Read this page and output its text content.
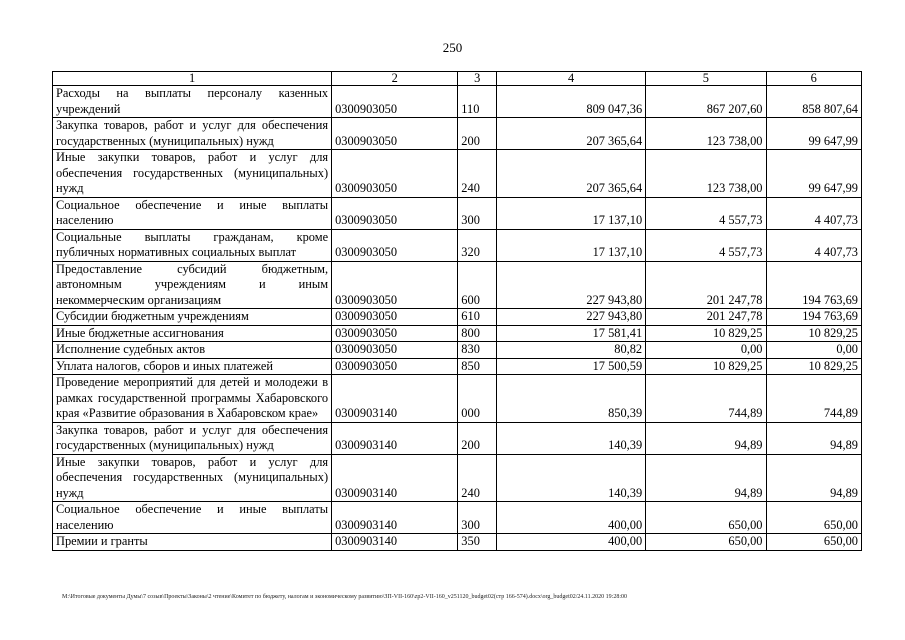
250
1	2	3	4	5	6
Расходы на выплаты персоналу казенных учреждений	0300903050	110	809 047,36	867 207,60	858 807,64
Закупка товаров, работ и услуг для обеспечения государственных (муниципальных) нужд	0300903050	200	207 365,64	123 738,00	99 647,99
Иные закупки товаров, работ и услуг для обеспечения государственных (муниципальных) нужд	0300903050	240	207 365,64	123 738,00	99 647,99
Социальное обеспечение и иные выплаты населению	0300903050	300	17 137,10	4 557,73	4 407,73
Социальные выплаты гражданам, кроме публичных нормативных социальных выплат	0300903050	320	17 137,10	4 557,73	4 407,73
Предоставление субсидий бюджетным, автономным учреждениям и иным некоммерческим организациям	0300903050	600	227 943,80	201 247,78	194 763,69
Субсидии бюджетным учреждениям	0300903050	610	227 943,80	201 247,78	194 763,69
Иные бюджетные ассигнования	0300903050	800	17 581,41	10 829,25	10 829,25
Исполнение судебных актов	0300903050	830	80,82	0,00	0,00
Уплата налогов, сборов и иных платежей	0300903050	850	17 500,59	10 829,25	10 829,25
Проведение мероприятий для детей и молодежи в рамках государственной программы Хабаровского края «Развитие образования в Хабаровском крае»	0300903140	000	850,39	744,89	744,89
Закупка товаров, работ и услуг для обеспечения государственных (муниципальных) нужд	0300903140	200	140,39	94,89	94,89
Иные закупки товаров, работ и услуг для обеспечения государственных (муниципальных) нужд	0300903140	240	140,39	94,89	94,89
Социальное обеспечение и иные выплаты населению	0300903140	300	400,00	650,00	650,00
Премии и гранты	0300903140	350	400,00	650,00	650,00
M:\Итоговые документы Думы\7 созыв\Проекты\Законы\2 чтение\Комитет по бюджету, налогам и экономическому развитию\ЗП-VII-160\zp2-VII-160_v251120_budget02(стр 166-574).docx\org_budget02/24.11.2020 19:28:00
